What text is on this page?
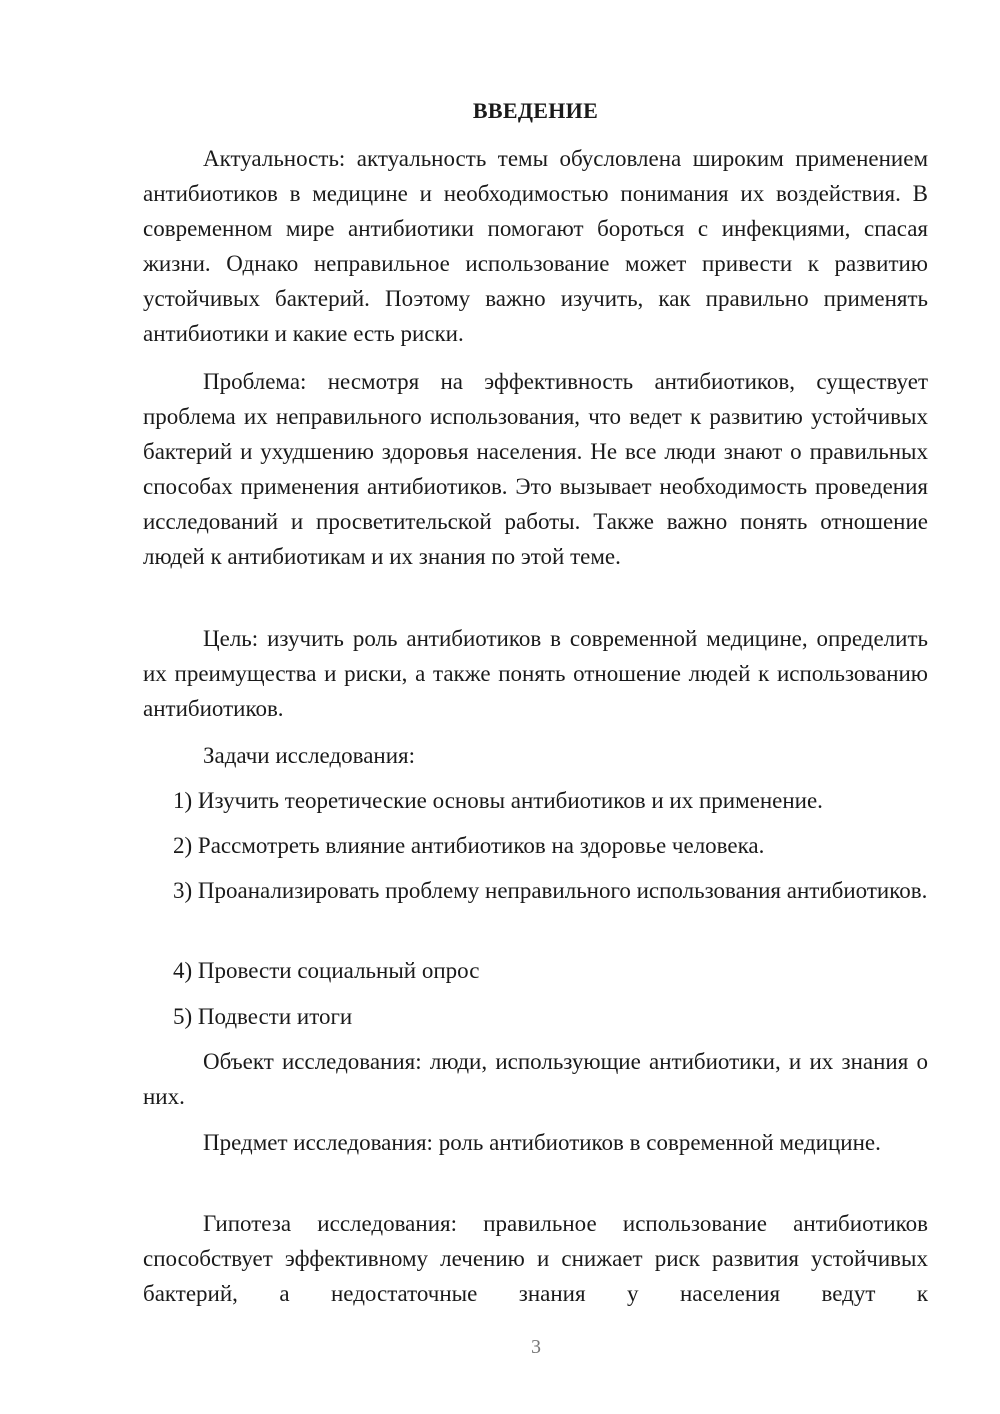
ВВЕДЕНИЕ

Актуальность: актуальность темы обусловлена широким применением антибиотиков в медицине и необходимостью понимания их воздействия. В современном мире антибиотики помогают бороться с инфекциями, спасая жизни. Однако неправильное использование может привести к развитию устойчивых бактерий. Поэтому важно изучить, как правильно применять антибиотики и какие есть риски.

Проблема: несмотря на эффективность антибиотиков, существует проблема их неправильного использования, что ведет к развитию устойчивых бактерий и ухудшению здоровья населения. Не все люди знают о правильных способах применения антибиотиков. Это вызывает необходимость проведения исследований и просветительской работы. Также важно понять отношение людей к антибиотикам и их знания по этой теме.

Цель: изучить роль антибиотиков в современной медицине, определить их преимущества и риски, а также понять отношение людей к использованию антибиотиков.

Задачи исследования:

1) Изучить теоретические основы антибиотиков и их применение.

2) Рассмотреть влияние антибиотиков на здоровье человека.

3) Проанализировать проблему неправильного использования антибиотиков.

4) Провести социальный опрос

5) Подвести итоги

Объект исследования: люди, использующие антибиотики, и их знания о них.

Предмет исследования: роль антибиотиков в современной медицине.

Гипотеза исследования: правильное использование антибиотиков способствует эффективному лечению и снижает риск развития устойчивых бактерий, а недостаточные знания у населения ведут к

3
